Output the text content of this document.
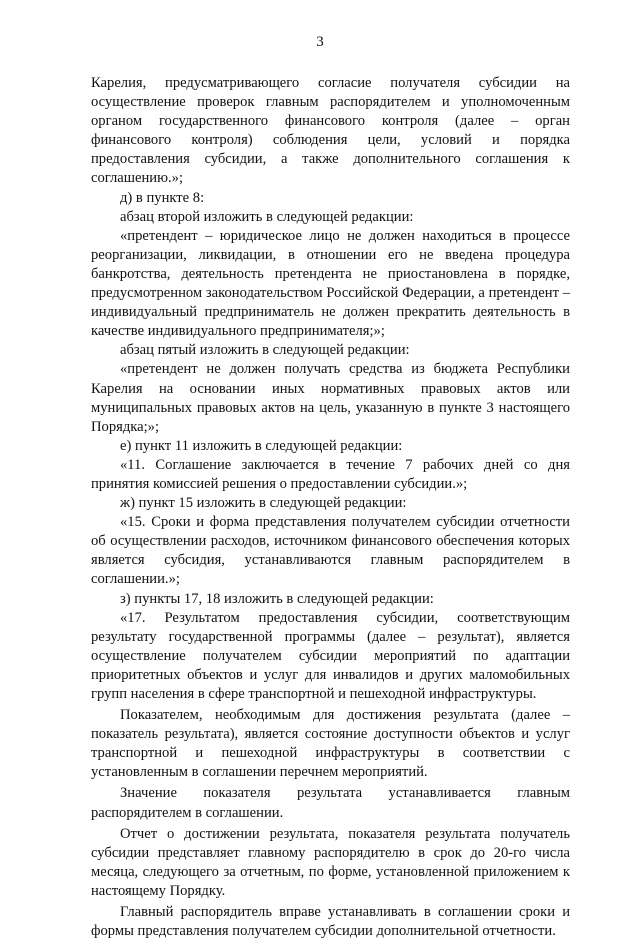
3

Карелия, предусматривающего согласие получателя субсидии на осуществление проверок главным распорядителем и уполномоченным органом государственного финансового контроля (далее – орган финансового контроля) соблюдения цели, условий и порядка предоставления субсидии, а также дополнительного соглашения к соглашению.»;

д) в пункте 8:

абзац второй изложить в следующей редакции:

«претендент – юридическое лицо не должен находиться в процессе реорганизации, ликвидации, в отношении его не введена процедура банкротства, деятельность претендента не приостановлена в порядке, предусмотренном законодательством Российской Федерации, а претендент – индивидуальный предприниматель не должен прекратить деятельность в качестве индивидуального предпринимателя;»;

абзац пятый изложить в следующей редакции:

«претендент не должен получать средства из бюджета Республики Карелия на основании иных нормативных правовых актов или муниципальных правовых актов на цель, указанную в пункте 3 настоящего Порядка;»;

е) пункт 11 изложить в следующей редакции:

«11. Соглашение заключается в течение 7 рабочих дней со дня принятия комиссией решения о предоставлении субсидии.»;

ж) пункт 15 изложить в следующей редакции:

«15. Сроки и форма представления получателем субсидии отчетности об осуществлении расходов, источником финансового обеспечения которых является субсидия, устанавливаются главным распорядителем в соглашении.»;

з) пункты 17, 18 изложить в следующей редакции:

«17. Результатом предоставления субсидии, соответствующим результату государственной программы (далее – результат), является осуществление получателем субсидии мероприятий по адаптации приоритетных объектов и услуг для инвалидов и других маломобильных групп населения в сфере транспортной и пешеходной инфраструктуры.

Показателем, необходимым для достижения результата (далее – показатель результата), является состояние доступности объектов и услуг транспортной и пешеходной инфраструктуры в соответствии с установленным в соглашении перечнем мероприятий.

Значение показателя результата устанавливается главным распорядителем в соглашении.

Отчет о достижении результата, показателя результата получатель субсидии представляет главному распорядителю в срок до 20-го числа месяца, следующего за отчетным, по форме, установленной приложением к настоящему Порядку.

Главный распорядитель вправе устанавливать в соглашении сроки и формы представления получателем субсидии дополнительной отчетности.
